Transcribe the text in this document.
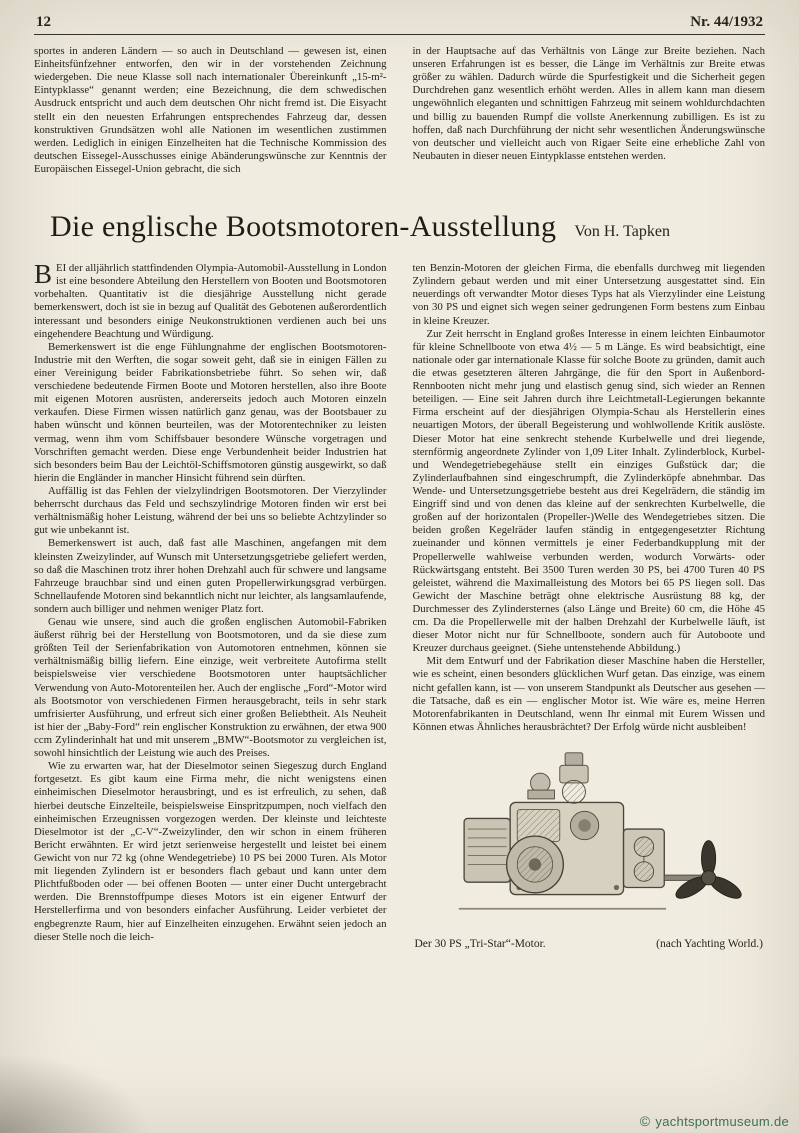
12	Nr. 44/1932

sportes in anderen Ländern — so auch in Deutschland — gewesen ist, einen Einheitsfünfzehner entworfen, den wir in der vorstehenden Zeichnung wiedergeben. Die neue Klasse soll nach internationaler Übereinkunft „15-m²-Eintypklasse“ genannt werden; eine Bezeichnung, die dem schwedischen Ausdruck entspricht und auch dem deutschen Ohr nicht fremd ist. Die Eisyacht stellt ein den neuesten Erfahrungen entsprechendes Fahrzeug dar, dessen konstruktiven Grundsätzen wohl alle Nationen im wesentlichen zustimmen werden. Lediglich in einigen Einzelheiten hat die Technische Kommission des deutschen Eissegel-Ausschusses einige Abänderungswünsche zur Kenntnis der Europäischen Eissegel-Union gebracht, die sich

in der Hauptsache auf das Verhältnis von Länge zur Breite beziehen. Nach unseren Erfahrungen ist es besser, die Länge im Verhältnis zur Breite etwas größer zu wählen. Dadurch würde die Spurfestigkeit und die Sicherheit gegen Durchdrehen ganz wesentlich erhöht werden. Alles in allem kann man diesem ungewöhnlich eleganten und schnittigen Fahrzeug mit seinem wohldurchdachten und billig zu bauenden Rumpf die vollste Anerkennung zubilligen. Es ist zu hoffen, daß nach Durchführung der nicht sehr wesentlichen Änderungswünsche von deutscher und vielleicht auch von Rigaer Seite eine erhebliche Zahl von Neubauten in dieser neuen Eintypklasse entstehen werden.

Die englische Bootsmotoren-Ausstellung Von H. Tapken

BEI der alljährlich stattfindenden Olympia-Automobil-Ausstellung in London ist eine besondere Abteilung den Herstellern von Booten und Bootsmotoren vorbehalten. Quantitativ ist die diesjährige Ausstellung nicht gerade bemerkenswert, doch ist sie in bezug auf Qualität des Gebotenen außerordentlich interessant und besonders einige Neukonstruktionen verdienen auch bei uns eingehendere Beachtung und Würdigung.

Bemerkenswert ist die enge Fühlungnahme der englischen Bootsmotoren-Industrie mit den Werften, die sogar soweit geht, daß sie in einigen Fällen zu einer Vereinigung beider Fabrikationsbetriebe führt. So sehen wir, daß verschiedene bedeutende Firmen Boote und Motoren herstellen, also ihre Boote mit eigenen Motoren ausrüsten, andererseits jedoch auch Motoren einzeln verkaufen. Diese Firmen wissen natürlich ganz genau, was der Bootsbauer zu haben wünscht und können beurteilen, was der Motorentechniker zu leisten vermag, wenn ihm vom Schiffsbauer besondere Wünsche vorgetragen und Vorschriften gemacht werden. Diese enge Verbundenheit beider Industrien hat sich besonders beim Bau der Leichtöl-Schiffsmotoren günstig ausgewirkt, so daß hierin die Engländer in mancher Hinsicht führend sein dürften.

Auffällig ist das Fehlen der vielzylindrigen Bootsmotoren. Der Vierzylinder beherrscht durchaus das Feld und sechszylindrige Motoren finden wir erst bei verhältnismäßig hoher Leistung, während der bei uns so beliebte Achtzylinder so gut wie unbekannt ist.

Bemerkenswert ist auch, daß fast alle Maschinen, angefangen mit dem kleinsten Zweizylinder, auf Wunsch mit Untersetzungsgetriebe geliefert werden, so daß die Maschinen trotz ihrer hohen Drehzahl auch für schwere und langsame Fahrzeuge brauchbar sind und einen guten Propellerwirkungsgrad verbürgen. Schnellaufende Motoren sind bekanntlich nicht nur leichter, als langsamlaufende, sondern auch billiger und nehmen weniger Platz fort.

Genau wie unsere, sind auch die großen englischen Automobil-Fabriken äußerst rührig bei der Herstellung von Bootsmotoren, und da sie diese zum größten Teil der Serienfabrikation von Automotoren entnehmen, können sie verhältnismäßig billig liefern. Eine einzige, weit verbreitete Autofirma stellt beispielsweise vier verschiedene Bootsmotoren unter hauptsächlicher Verwendung von Auto-Motorenteilen her. Auch der englische „Ford“-Motor wird als Bootsmotor von verschiedenen Firmen herausgebracht, teils in sehr stark umfrisierter Ausführung, und erfreut sich einer großen Beliebtheit. Als Neuheit ist hier der „Baby-Ford“ rein englischer Konstruktion zu erwähnen, der etwa 900 ccm Zylinderinhalt hat und mit unserem „BMW“-Bootsmotor zu vergleichen ist, sowohl hinsichtlich der Leistung wie auch des Preises.

Wie zu erwarten war, hat der Dieselmotor seinen Siegeszug durch England fortgesetzt. Es gibt kaum eine Firma mehr, die nicht wenigstens einen einheimischen Dieselmotor herausbringt, und es ist erfreulich, zu sehen, daß hierbei deutsche Einzelteile, beispielsweise Einspritzpumpen, noch vielfach den einheimischen Erzeugnissen vorgezogen werden. Der kleinste und leichteste Dieselmotor ist der „C-V“-Zweizylinder, den wir schon in einem früheren Bericht erwähnten. Er wird jetzt serienweise hergestellt und leistet bei einem Gewicht von nur 72 kg (ohne Wendegetriebe) 10 PS bei 2000 Turen. Als Motor mit liegenden Zylindern ist er besonders flach gebaut und kann unter dem Plichtfußboden oder — bei offenen Booten — unter einer Ducht untergebracht werden. Die Brennstoffpumpe dieses Motors ist ein eigener Entwurf der Herstellerfirma und von besonders einfacher Ausführung. Leider verbietet der engbegrenzte Raum, hier auf Einzelheiten einzugehen. Erwähnt seien jedoch an dieser Stelle noch die leich-

ten Benzin-Motoren der gleichen Firma, die ebenfalls durchweg mit liegenden Zylindern gebaut werden und mit einer Untersetzung ausgestattet sind. Ein neuerdings oft verwandter Motor dieses Typs hat als Vierzylinder eine Leistung von 30 PS und eignet sich wegen seiner gedrungenen Form bestens zum Einbau in kleine Kreuzer.

Zur Zeit herrscht in England großes Interesse in einem leichten Einbaumotor für kleine Schnellboote von etwa 4½ — 5 m Länge. Es wird beabsichtigt, eine nationale oder gar internationale Klasse für solche Boote zu gründen, damit auch die etwas gesetzteren älteren Jahrgänge, die für den Sport in Außenbord-Rennbooten nicht mehr jung und elastisch genug sind, sich wieder an Rennen beteiligen. — Eine seit Jahren durch ihre Leichtmetall-Legierungen bekannte Firma erscheint auf der diesjährigen Olympia-Schau als Herstellerin eines neuartigen Motors, der überall Begeisterung und wohlwollende Kritik auslöste. Dieser Motor hat eine senkrecht stehende Kurbelwelle und drei liegende, sternförmig angeordnete Zylinder von 1,09 Liter Inhalt. Zylinderblock, Kurbel- und Wendegetriebegehäuse stellt ein einziges Gußstück dar; die Zylinderlaufbahnen sind eingeschrumpft, die Zylinderköpfe abnehmbar. Das Wende- und Untersetzungsgetriebe besteht aus drei Kegelrädern, die ständig im Eingriff sind und von denen das kleine auf der senkrechten Kurbelwelle, die großen auf der horizontalen (Propeller-)Welle des Wendegetriebes sitzen. Die beiden großen Kegelräder laufen ständig in entgegengesetzter Richtung zueinander und können vermittels je einer Federbandkupplung mit der Propellerwelle wahlweise verbunden werden, wodurch Vorwärts- oder Rückwärtsgang entsteht. Bei 3500 Turen werden 30 PS, bei 4700 Turen 40 PS geleistet, während die Maximalleistung des Motors bei 65 PS liegen soll. Das Gewicht der Maschine beträgt ohne elektrische Ausrüstung 88 kg, der Durchmesser des Zylindersternes (also Länge und Breite) 60 cm, die Höhe 45 cm. Da die Propellerwelle mit der halben Drehzahl der Kurbelwelle läuft, ist dieser Motor nicht nur für Schnellboote, sondern auch für Autoboote und Kreuzer durchaus geeignet. (Siehe untenstehende Abbildung.)

Mit dem Entwurf und der Fabrikation dieser Maschine haben die Hersteller, wie es scheint, einen besonders glücklichen Wurf getan. Das einzige, was einem nicht gefallen kann, ist — von unserem Standpunkt als Deutscher aus gesehen — die Tatsache, daß es ein — englischer Motor ist. Wie wäre es, meine Herren Motorenfabrikanten in Deutschland, wenn Ihr einmal mit Eurem Wissen und Können etwas Ähnliches herausbrächtet? Der Erfolg würde nicht ausbleiben!

Der 30 PS „Tri-Star“-Motor.	(nach Yachting World.)
© yachtsportmuseum.de
